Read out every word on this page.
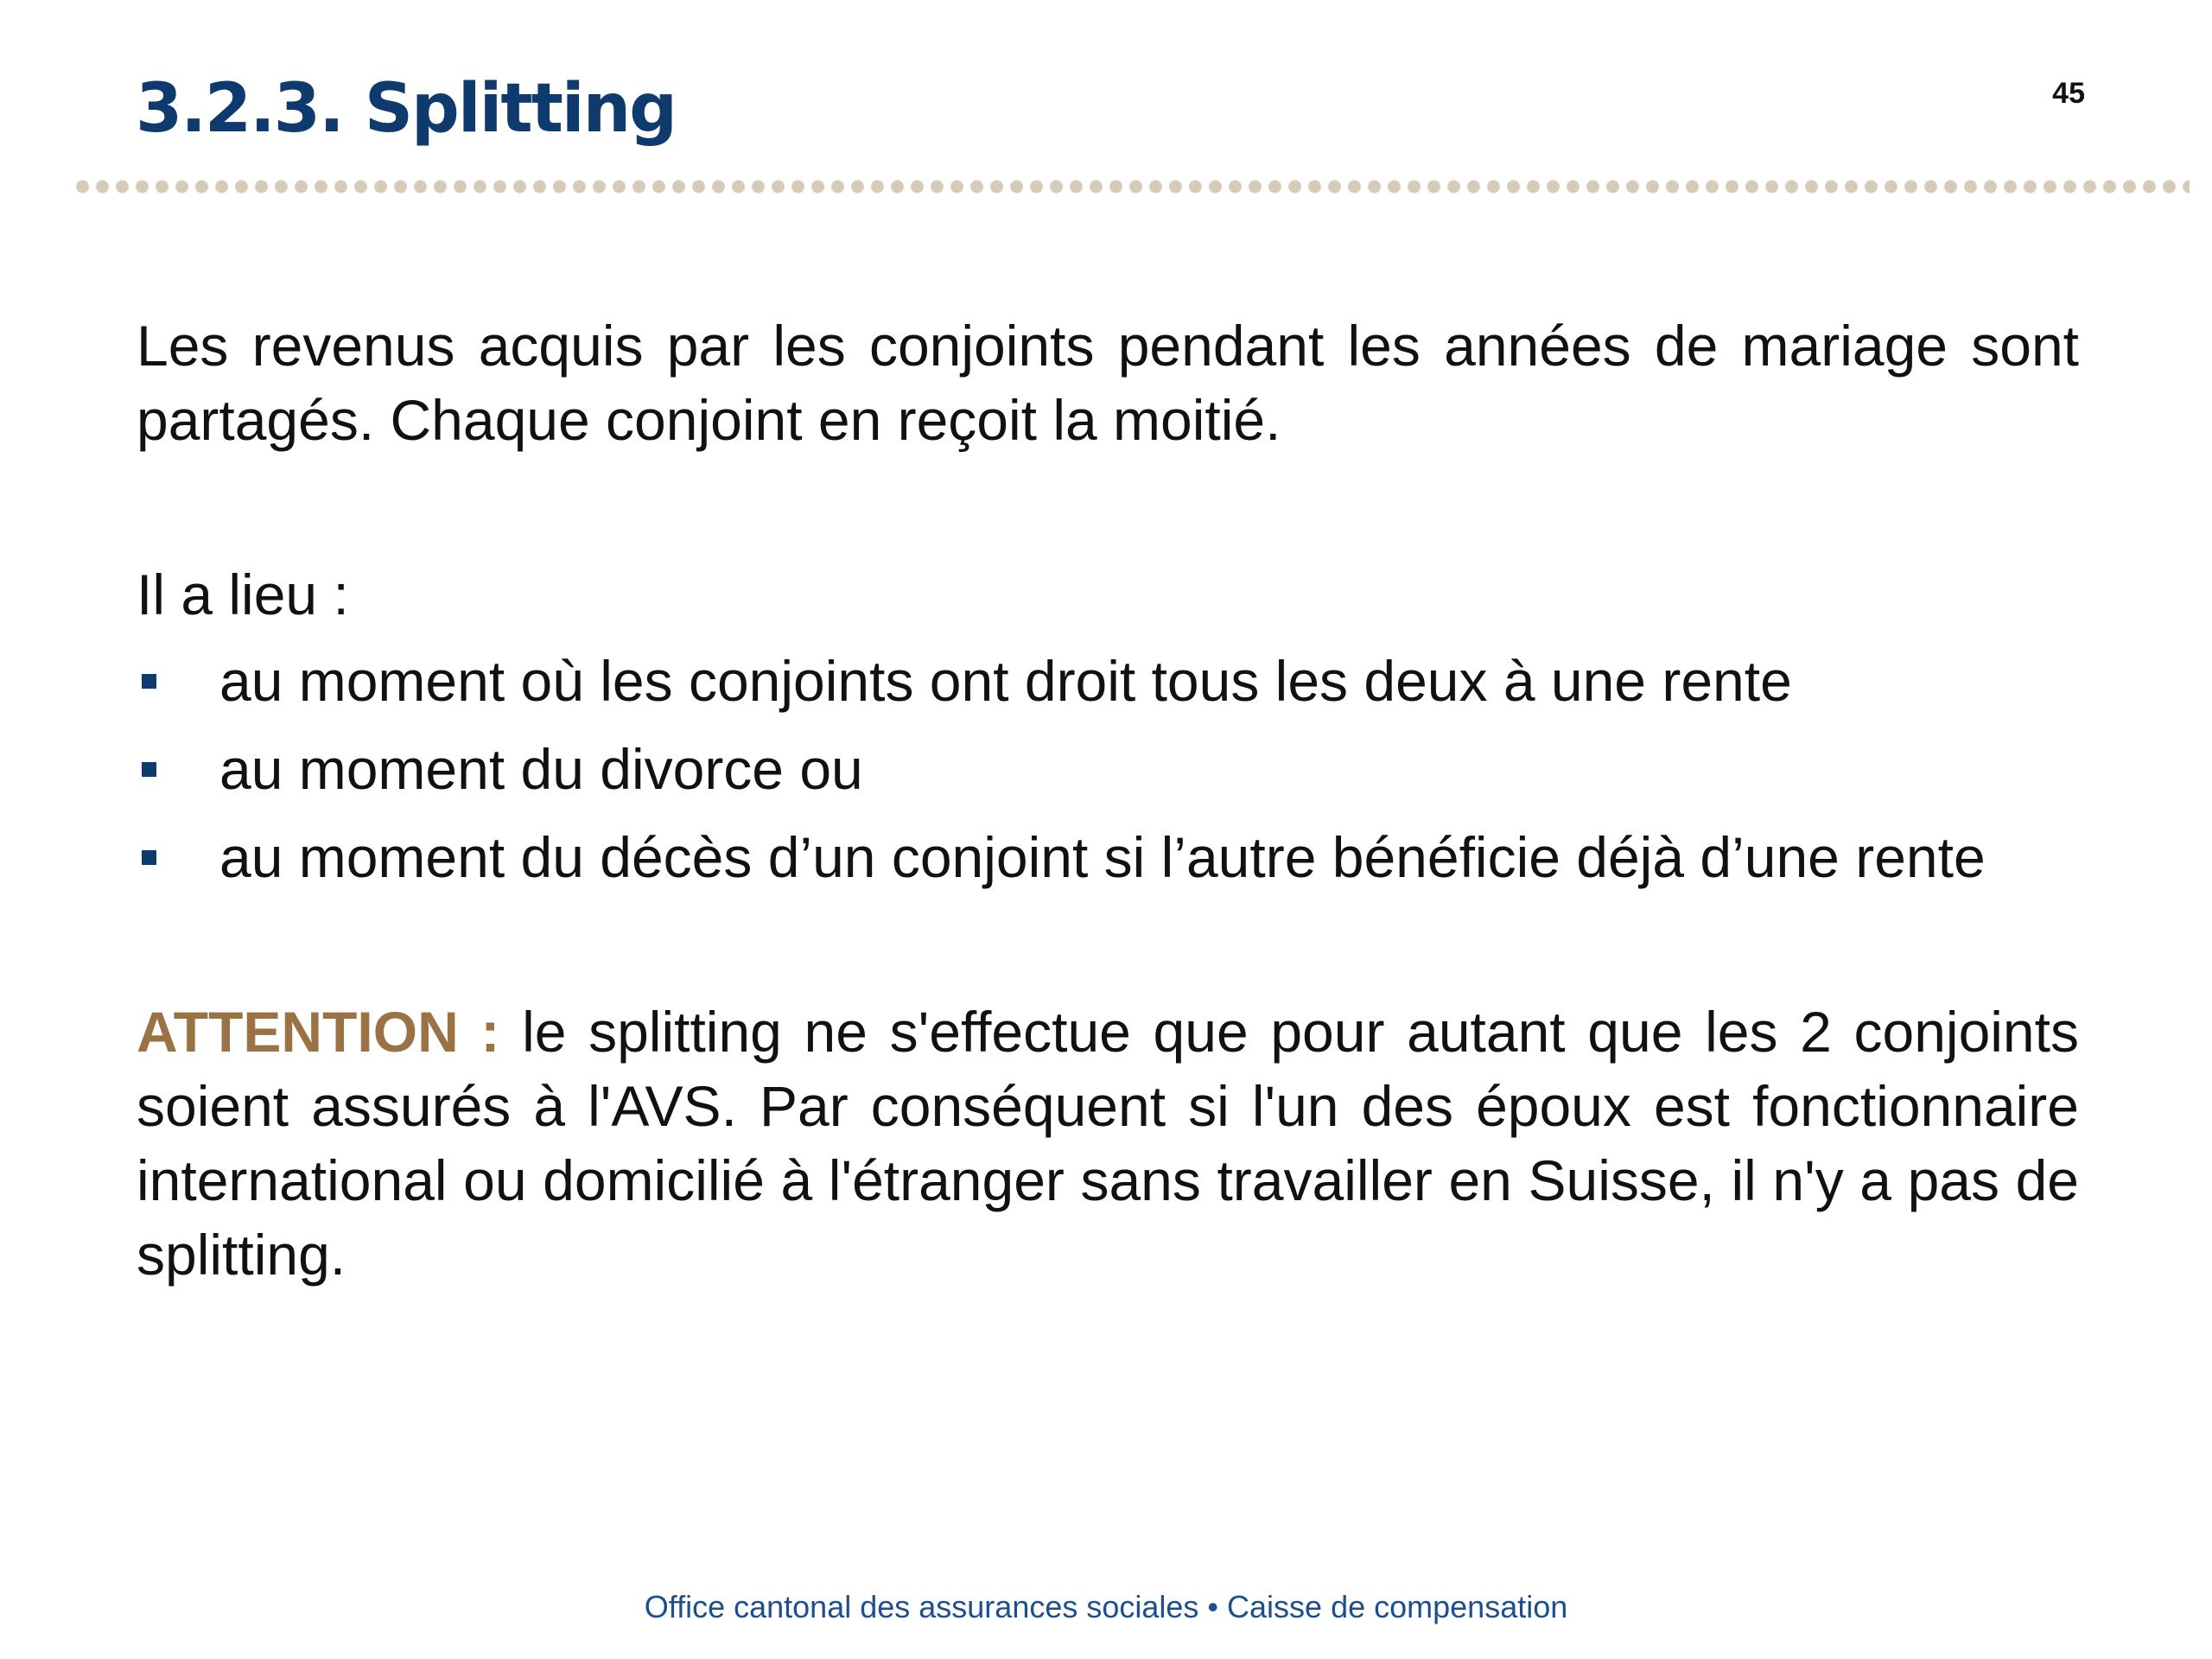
3.2.3. Splitting	45

Les revenus acquis par les conjoints pendant les années de mariage sont partagés. Chaque conjoint en reçoit la moitié.

Il a lieu :

au moment où les conjoints ont droit tous les deux à une rente
au moment du divorce ou
au moment du décès d’un conjoint si l’autre bénéficie déjà d’une rente

ATTENTION : le splitting ne s'effectue que pour autant que les 2 conjoints soient assurés à l'AVS. Par conséquent si l'un des époux est fonctionnaire international ou domicilié à l'étranger sans travailler en Suisse, il n'y a pas de splitting.

Office cantonal des assurances sociales • Caisse de compensation
